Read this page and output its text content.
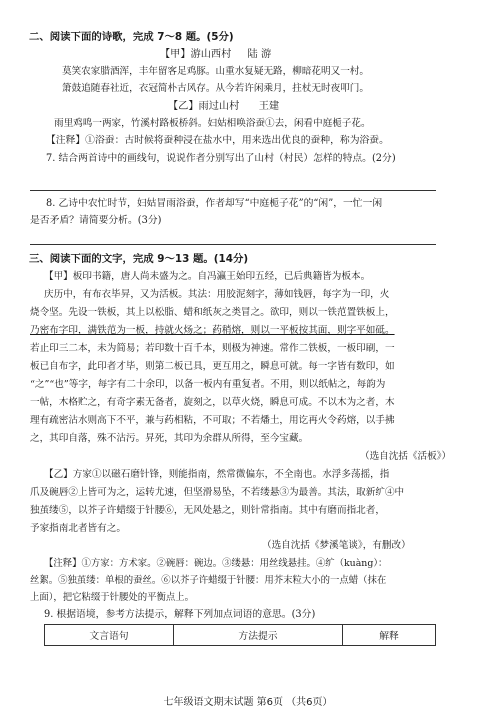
二、阅读下面的诗歌，完成 7～8 题。(5分)
【甲】游山西村 陆 游
莫笑农家腊酒浑，丰年留客足鸡豚。山重水复疑无路，柳暗花明又一村。
箫鼓追随春社近，衣冠简朴古风存。从今若许闲乘月，拄杖无时夜叩门。
【乙】雨过山村 王建
雨里鸡鸣一两家，竹溪村路板桥斜。妇姑相唤浴蚕①去，闲看中庭栀子花。
【注释】①浴蚕：古时候将蚕种浸在盐水中，用来选出优良的蚕种，称为浴蚕。
7. 结合两首诗中的画线句，说说作者分别写出了山村（村民）怎样的特点。(2分)
8. 乙诗中农忙时节，妇姑冒雨浴蚕，作者却写“中庭栀子花”的“闲”，一忙一闲
是否矛盾？请简要分析。(3分)
三、阅读下面的文字，完成 9～13 题。(14分)
【甲】板印书籍，唐人尚未盛为之。自冯瀛王始印五经，已后典籍皆为板本。
庆历中，有布衣毕昇，又为活板。其法：用胶泥刻字，薄如钱唇，每字为一印，火
烧令坚。先设一铁板，其上以松脂、蜡和纸灰之类冒之。欲印，则以一铁范置铁板上，
乃密布字印，满铁范为一板，持就火炀之；药稍熔，则以一平板按其面，则字平如砥。
若止印三二本，未为简易；若印数十百千本，则极为神速。常作二铁板，一板印刷，一
板已自布字，此印者才毕，则第二板已具，更互用之，瞬息可就。每一字皆有数印，如
“之”“也”等字，每字有二十余印，以备一板内有重复者。不用，则以纸帖之，每韵为
一帖，木格贮之，有奇字素无备者，旋刻之，以草火烧，瞬息可成。不以木为之者，木
理有疏密沾水则高下不平，兼与药相粘，不可取；不若燔土，用讫再火令药熔，以手拂
之，其印自落，殊不沾污。昇死，其印为余群从所得，至今宝藏。
（选自沈括《活板》）
【乙】方家①以磁石磨针锋，则能指南，然常微偏东，不全南也。水浮多荡摇，指
爪及碗唇②上皆可为之，运转尤速，但坚滑易坠，不若缕悬③为最善。其法，取新纩④中
独茧缕⑤，以芥子许蜡缀于针腰⑥，无风处悬之，则针常指南。其中有磨而指北者，
予家指南北者皆有之。
（选自沈括《梦溪笔谈》，有删改）
【注释】①方家：方术家。②碗唇：碗边。③缕悬：用丝线悬挂。④纩（kuàng）：
丝絮。⑤独茧缕：单根的蚕丝。⑥以芥子许蜡缀于针腰：用芥末粒大小的一点蜡（抹在
上面），把它粘缀于针腰处的平衡点上。
9. 根据语境，参考方法提示，解释下列加点词语的意思。(3分)
文言语句	方法提示	解释
七年级语文期末试题 第6页 （共6页）
